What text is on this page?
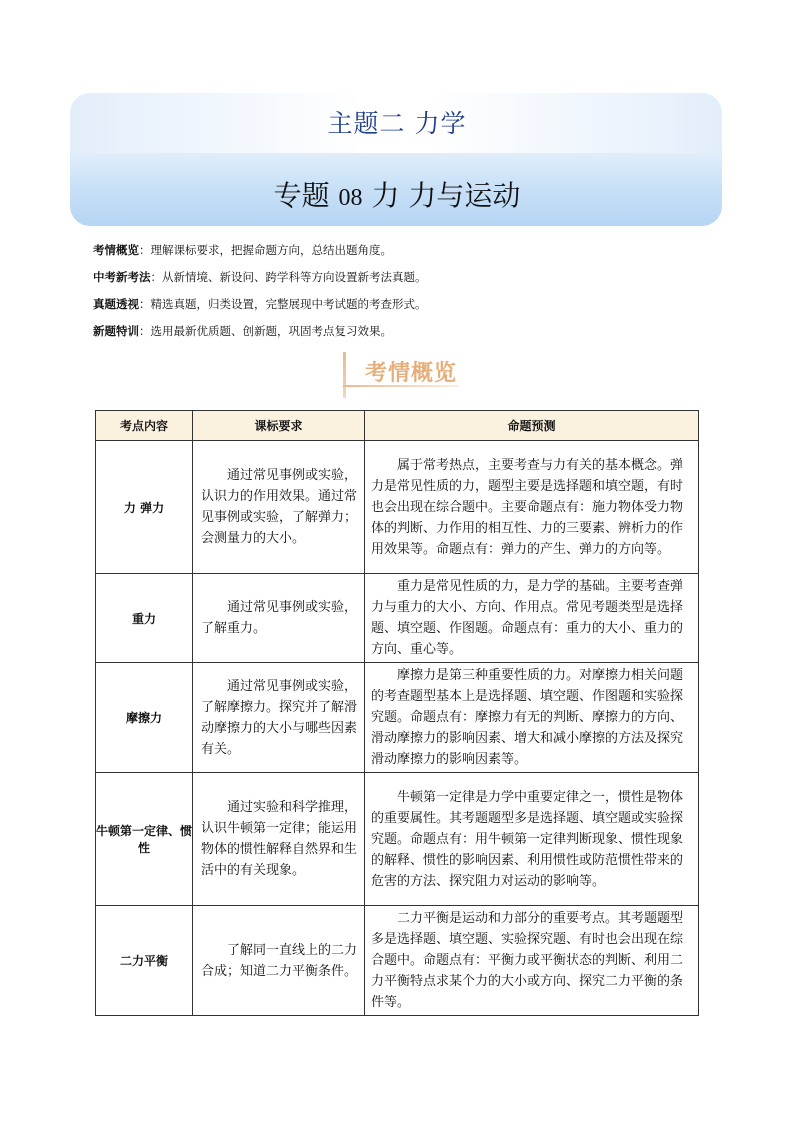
主题二 力学
专题 08 力 力与运动
考情概览：理解课标要求，把握命题方向，总结出题角度。
中考新考法：从新情境、新设问、跨学科等方向设置新考法真题。
真题透视：精选真题，归类设置，完整展现中考试题的考查形式。
新题特训：选用最新优质题、创新题，巩固考点复习效果。
考情概览
考点内容	课标要求	命题预测
力 弹力	通过常见事例或实验，认识力的作用效果。通过常见事例或实验，了解弹力；会测量力的大小。	属于常考热点，主要考查与力有关的基本概念。弹力是常见性质的力，题型主要是选择题和填空题，有时也会出现在综合题中。主要命题点有：施力物体受力物体的判断、力作用的相互性、力的三要素、辨析力的作用效果等。命题点有：弹力的产生、弹力的方向等。
重力	通过常见事例或实验，了解重力。	重力是常见性质的力，是力学的基础。主要考查弹力与重力的大小、方向、作用点。常见考题类型是选择题、填空题、作图题。命题点有：重力的大小、重力的方向、重心等。
摩擦力	通过常见事例或实验，了解摩擦力。探究并了解滑动摩擦力的大小与哪些因素有关。	摩擦力是第三种重要性质的力。对摩擦力相关问题的考查题型基本上是选择题、填空题、作图题和实验探究题。命题点有：摩擦力有无的判断、摩擦力的方向、滑动摩擦力的影响因素、增大和减小摩擦的方法及探究滑动摩擦力的影响因素等。
牛顿第一定律、惯性	通过实验和科学推理，认识牛顿第一定律；能运用物体的惯性解释自然界和生活中的有关现象。	牛顿第一定律是力学中重要定律之一，惯性是物体的重要属性。其考题题型多是选择题、填空题或实验探究题。命题点有：用牛顿第一定律判断现象、惯性现象的解释、惯性的影响因素、利用惯性或防范惯性带来的危害的方法、探究阻力对运动的影响等。
二力平衡	了解同一直线上的二力合成；知道二力平衡条件。	二力平衡是运动和力部分的重要考点。其考题题型多是选择题、填空题、实验探究题、有时也会出现在综合题中。命题点有：平衡力或平衡状态的判断、利用二力平衡特点求某个力的大小或方向、探究二力平衡的条件等。
